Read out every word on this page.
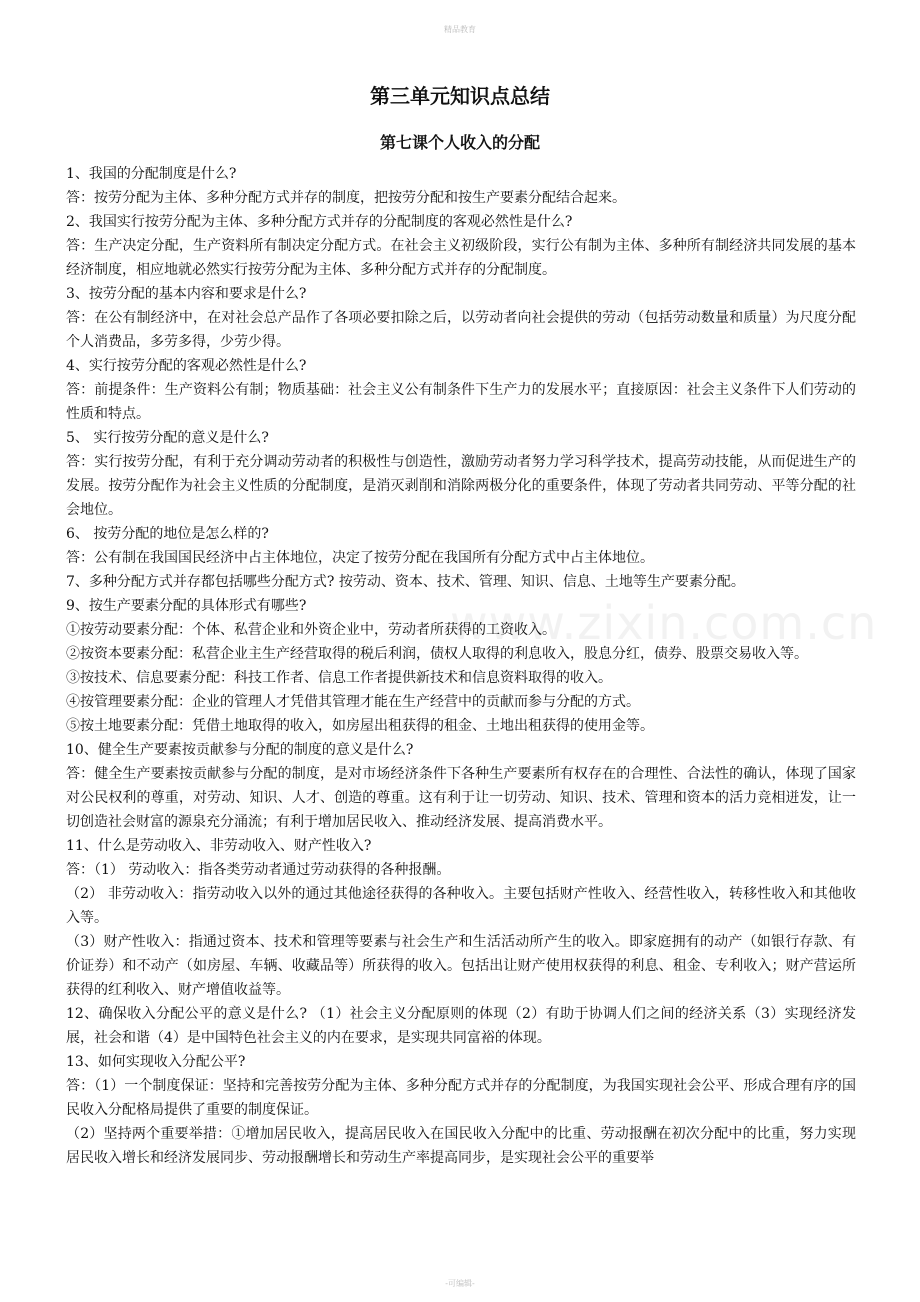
精品教育
www.zixin.com.cn
第三单元知识点总结
第七课个人收入的分配

1、我国的分配制度是什么?

答：按劳分配为主体、多种分配方式并存的制度，把按劳分配和按生产要素分配结合起来。

2、我国实行按劳分配为主体、多种分配方式并存的分配制度的客观必然性是什么?

答：生产决定分配，生产资料所有制决定分配方式。在社会主义初级阶段，实行公有制为主体、多种所有制经济共同发展的基本经济制度，相应地就必然实行按劳分配为主体、多种分配方式并存的分配制度。

3、按劳分配的基本内容和要求是什么?

答：在公有制经济中，在对社会总产品作了各项必要扣除之后，以劳动者向社会提供的劳动（包括劳动数量和质量）为尺度分配个人消费品，多劳多得，少劳少得。

4、实行按劳分配的客观必然性是什么?

答：前提条件：生产资料公有制；物质基础：社会主义公有制条件下生产力的发展水平；直接原因：社会主义条件下人们劳动的性质和特点。

5、 实行按劳分配的意义是什么?

答：实行按劳分配，有利于充分调动劳动者的积极性与创造性，激励劳动者努力学习科学技术，提高劳动技能，从而促进生产的发展。按劳分配作为社会主义性质的分配制度，是消灭剥削和消除两极分化的重要条件，体现了劳动者共同劳动、平等分配的社会地位。

6、 按劳分配的地位是怎么样的?

答：公有制在我国国民经济中占主体地位，决定了按劳分配在我国所有分配方式中占主体地位。

7、多种分配方式并存都包括哪些分配方式? 按劳动、资本、技术、管理、知识、信息、土地等生产要素分配。

9、按生产要素分配的具体形式有哪些?

①按劳动要素分配：个体、私营企业和外资企业中，劳动者所获得的工资收入。

②按资本要素分配：私营企业主生产经营取得的税后利润，债权人取得的利息收入，股息分红，债券、股票交易收入等。

③按技术、信息要素分配：科技工作者、信息工作者提供新技术和信息资料取得的收入。

④按管理要素分配：企业的管理人才凭借其管理才能在生产经营中的贡献而参与分配的方式。

⑤按土地要素分配：凭借土地取得的收入，如房屋出租获得的租金、土地出租获得的使用金等。

10、健全生产要素按贡献参与分配的制度的意义是什么?

答：健全生产要素按贡献参与分配的制度，是对市场经济条件下各种生产要素所有权存在的合理性、合法性的确认，体现了国家对公民权利的尊重，对劳动、知识、人才、创造的尊重。这有利于让一切劳动、知识、技术、管理和资本的活力竞相迸发，让一切创造社会财富的源泉充分涌流；有利于增加居民收入、推动经济发展、提高消费水平。

11、什么是劳动收入、非劳动收入、财产性收入?

答：（1） 劳动收入：指各类劳动者通过劳动获得的各种报酬。

（2） 非劳动收入：指劳动收入以外的通过其他途径获得的各种收入。主要包括财产性收入、经营性收入，转移性收入和其他收入等。

（3）财产性收入：指通过资本、技术和管理等要素与社会生产和生活活动所产生的收入。即家庭拥有的动产（如银行存款、有价证券）和不动产（如房屋、车辆、收藏品等）所获得的收入。包括出让财产使用权获得的利息、租金、专利收入；财产营运所获得的红利收入、财产增值收益等。

12、确保收入分配公平的意义是什么? （1）社会主义分配原则的体现（2）有助于协调人们之间的经济关系（3）实现经济发展，社会和谐（4）是中国特色社会主义的内在要求，是实现共同富裕的体现。

13、如何实现收入分配公平?

答：（1）一个制度保证：坚持和完善按劳分配为主体、多种分配方式并存的分配制度，为我国实现社会公平、形成合理有序的国民收入分配格局提供了重要的制度保证。

（2）坚持两个重要举措：①增加居民收入，提高居民收入在国民收入分配中的比重、劳动报酬在初次分配中的比重，努力实现居民收入增长和经济发展同步、劳动报酬增长和劳动生产率提高同步，是实现社会公平的重要举

-可编辑-
